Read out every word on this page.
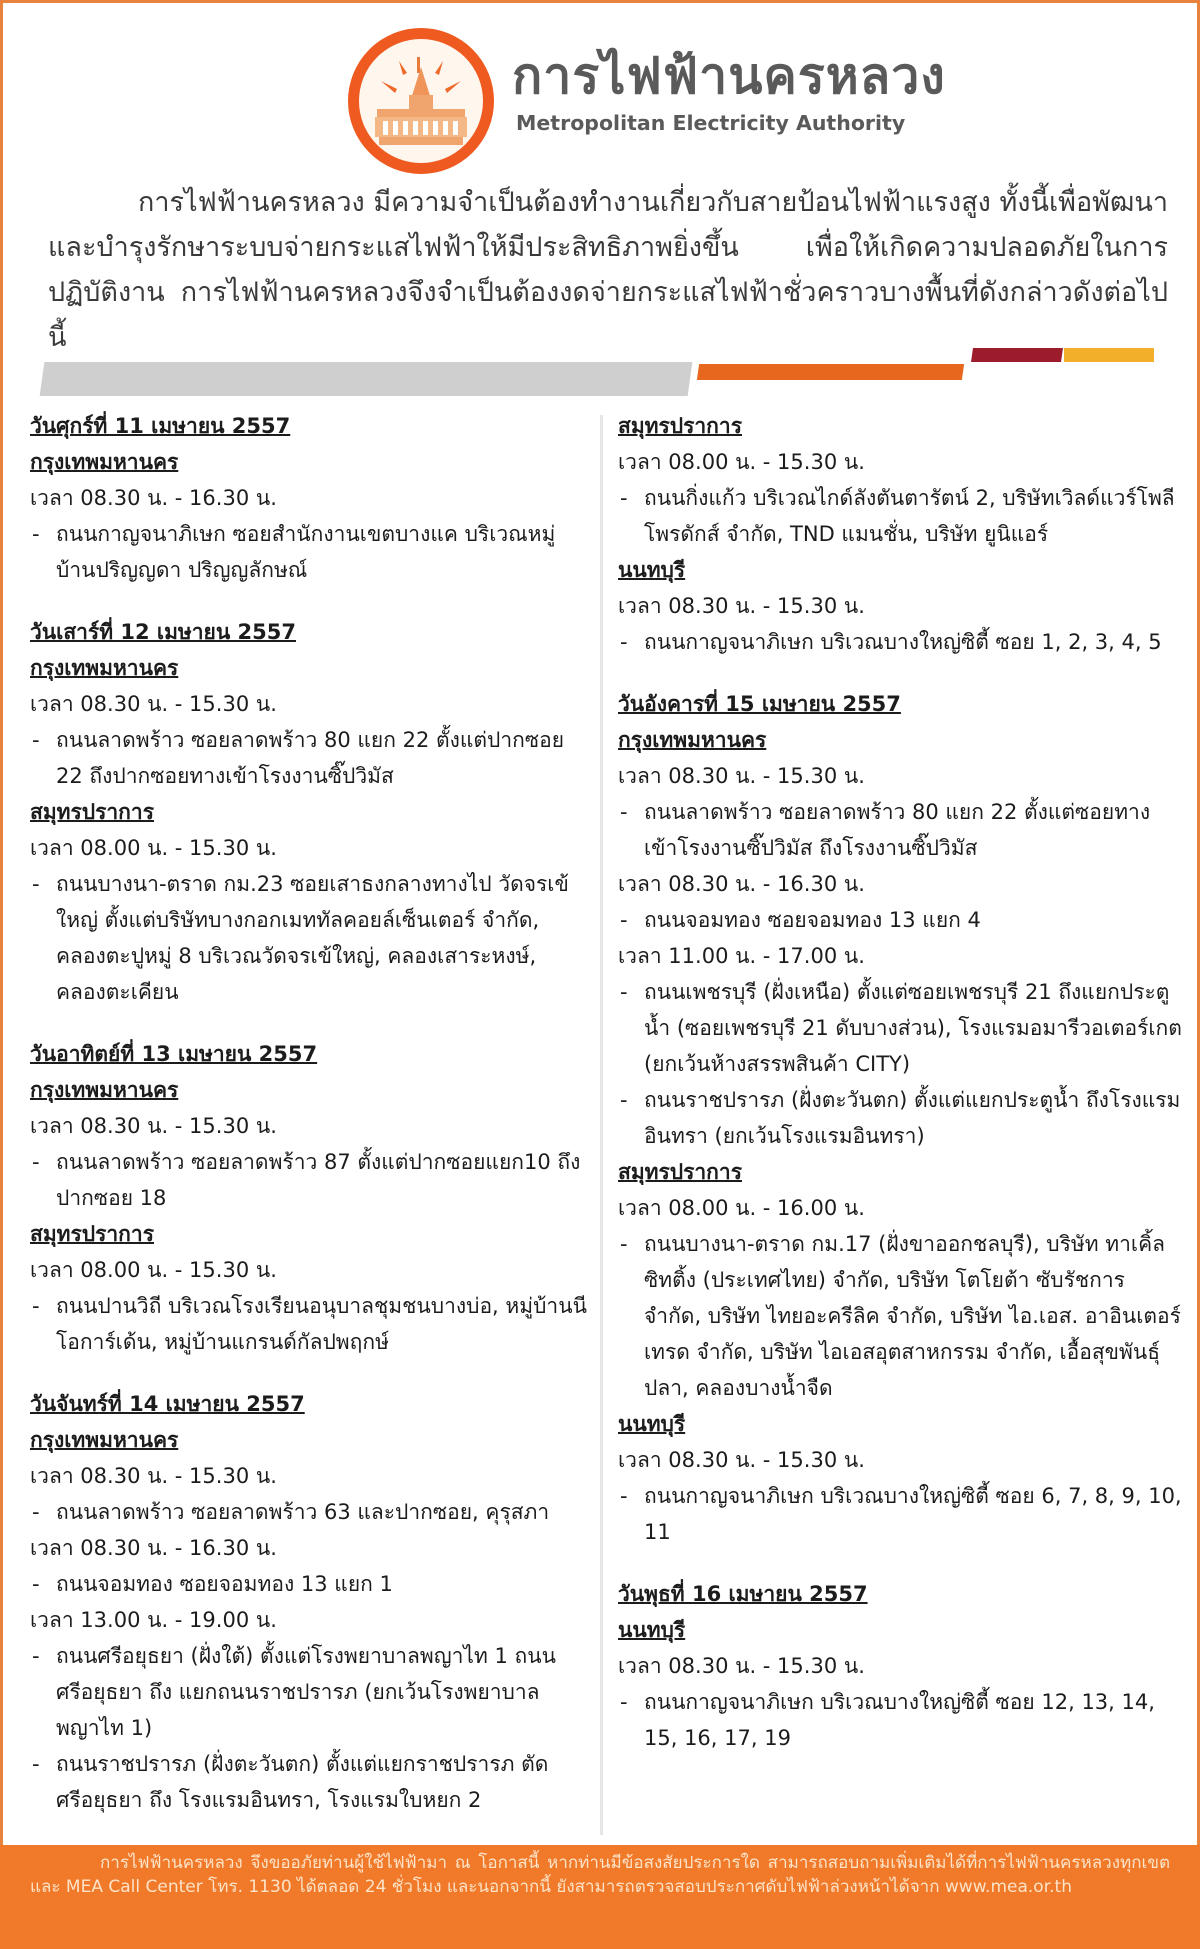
การไฟฟ้านครหลวง
Metropolitan Electricity Authority

การไฟฟ้านครหลวง มีความจำเป็นต้องทำงานเกี่ยวกับสายป้อนไฟฟ้าแรงสูง ทั้งนี้เพื่อพัฒนาและบำรุงรักษาระบบจ่ายกระแสไฟฟ้าให้มีประสิทธิภาพยิ่งขึ้น เพื่อให้เกิดความปลอดภัยในการปฏิบัติงาน การไฟฟ้านครหลวงจึงจำเป็นต้องงดจ่ายกระแสไฟฟ้าชั่วคราวบางพื้นที่ดังกล่าวดังต่อไปนี้

วันศุกร์ที่ 11 เมษายน 2557
กรุงเทพมหานคร
เวลา 08.30 น. - 16.30 น.
- ถนนกาญจนาภิเษก ซอยสำนักงานเขตบางแค บริเวณหมู่บ้านปริญญดา ปริญญลักษณ์
วันเสาร์ที่ 12 เมษายน 2557
กรุงเทพมหานคร
เวลา 08.30 น. - 15.30 น.
- ถนนลาดพร้าว ซอยลาดพร้าว 80 แยก 22 ตั้งแต่ปากซอย 22 ถึงปากซอยทางเข้าโรงงานซิ๊ปวิมัส
สมุทรปราการ
เวลา 08.00 น. - 15.30 น.
- ถนนบางนา-ตราด กม.23 ซอยเสาธงกลางทางไป วัดจรเข้ใหญ่ ตั้งแต่บริษัทบางกอกเมททัลคอยล์เซ็นเตอร์ จำกัด, คลองตะปูหมู่ 8 บริเวณวัดจรเข้ใหญ่, คลองเสาระหงษ์, คลองตะเคียน
วันอาทิตย์ที่ 13 เมษายน 2557
กรุงเทพมหานคร
เวลา 08.30 น. - 15.30 น.
- ถนนลาดพร้าว ซอยลาดพร้าว 87 ตั้งแต่ปากซอยแยก10 ถึง ปากซอย 18
สมุทรปราการ
เวลา 08.00 น. - 15.30 น.
- ถนนปานวิถี บริเวณโรงเรียนอนุบาลชุมชนบางบ่อ, หมู่บ้านนีโอการ์เด้น, หมู่บ้านแกรนด์กัลปพฤกษ์
วันจันทร์ที่ 14 เมษายน 2557
กรุงเทพมหานคร
เวลา 08.30 น. - 15.30 น.
- ถนนลาดพร้าว ซอยลาดพร้าว 63 และปากซอย, คุรุสภา
เวลา 08.30 น. - 16.30 น.
- ถนนจอมทอง ซอยจอมทอง 13 แยก 1
เวลา 13.00 น. - 19.00 น.
- ถนนศรีอยุธยา (ฝั่งใต้) ตั้งแต่โรงพยาบาลพญาไท 1 ถนนศรีอยุธยา ถึง แยกถนนราชปรารภ (ยกเว้นโรงพยาบาลพญาไท 1)
- ถนนราชปรารภ (ฝั่งตะวันตก) ตั้งแต่แยกราชปรารภ ตัดศรีอยุธยา ถึง โรงแรมอินทรา, โรงแรมใบหยก 2
สมุทรปราการ
เวลา 08.00 น. - 15.30 น.
- ถนนกิ่งแก้ว บริเวณไกด์ลังตันตารัตน์ 2, บริษัทเวิลด์แวร์โพลีโพรดักส์ จำกัด, TND แมนชั่น, บริษัท ยูนิแอร์
นนทบุรี
เวลา 08.30 น. - 15.30 น.
- ถนนกาญจนาภิเษก บริเวณบางใหญ่ซิตี้ ซอย 1, 2, 3, 4, 5
วันอังคารที่ 15 เมษายน 2557
กรุงเทพมหานคร
เวลา 08.30 น. - 15.30 น.
- ถนนลาดพร้าว ซอยลาดพร้าว 80 แยก 22 ตั้งแต่ซอยทางเข้าโรงงานซิ๊ปวิมัส ถึงโรงงานซิ๊ปวิมัส
เวลา 08.30 น. - 16.30 น.
- ถนนจอมทอง ซอยจอมทอง 13 แยก 4
เวลา 11.00 น. - 17.00 น.
- ถนนเพชรบุรี (ฝั่งเหนือ) ตั้งแต่ซอยเพชรบุรี 21 ถึงแยกประตูน้ำ (ซอยเพชรบุรี 21 ดับบางส่วน), โรงแรมอมารีวอเตอร์เกต (ยกเว้นห้างสรรพสินค้า CITY)
- ถนนราชปรารภ (ฝั่งตะวันตก) ตั้งแต่แยกประตูน้ำ ถึงโรงแรมอินทรา (ยกเว้นโรงแรมอินทรา)
สมุทรปราการ
เวลา 08.00 น. - 16.00 น.
- ถนนบางนา-ตราด กม.17 (ฝั่งขาออกชลบุรี), บริษัท ทาเคิ้ลซิทติ้ง (ประเทศไทย) จำกัด, บริษัท โตโยต้า ซับรัชการ จำกัด, บริษัท ไทยอะครีลิค จำกัด, บริษัท ไอ.เอส. อาอินเตอร์เทรด จำกัด, บริษัท ไอเอสอุตสาหกรรม จำกัด, เอื้อสุขพันธุ์ปลา, คลองบางน้ำจืด
นนทบุรี
เวลา 08.30 น. - 15.30 น.
- ถนนกาญจนาภิเษก บริเวณบางใหญ่ซิตี้ ซอย 6, 7, 8, 9, 10, 11
วันพุธที่ 16 เมษายน 2557
นนทบุรี
เวลา 08.30 น. - 15.30 น.
- ถนนกาญจนาภิเษก บริเวณบางใหญ่ซิตี้ ซอย 12, 13, 14, 15, 16, 17, 19

การไฟฟ้านครหลวง จึงขออภัยท่านผู้ใช้ไฟฟ้ามา ณ โอกาสนี้ หากท่านมีข้อสงสัยประการใด สามารถสอบถามเพิ่มเติมได้ที่การไฟฟ้านครหลวงทุกเขต และ MEA Call Center โทร. 1130 ได้ตลอด 24 ชั่วโมง และนอกจากนี้ ยังสามารถตรวจสอบประกาศดับไฟฟ้าล่วงหน้าได้จาก www.mea.or.th
